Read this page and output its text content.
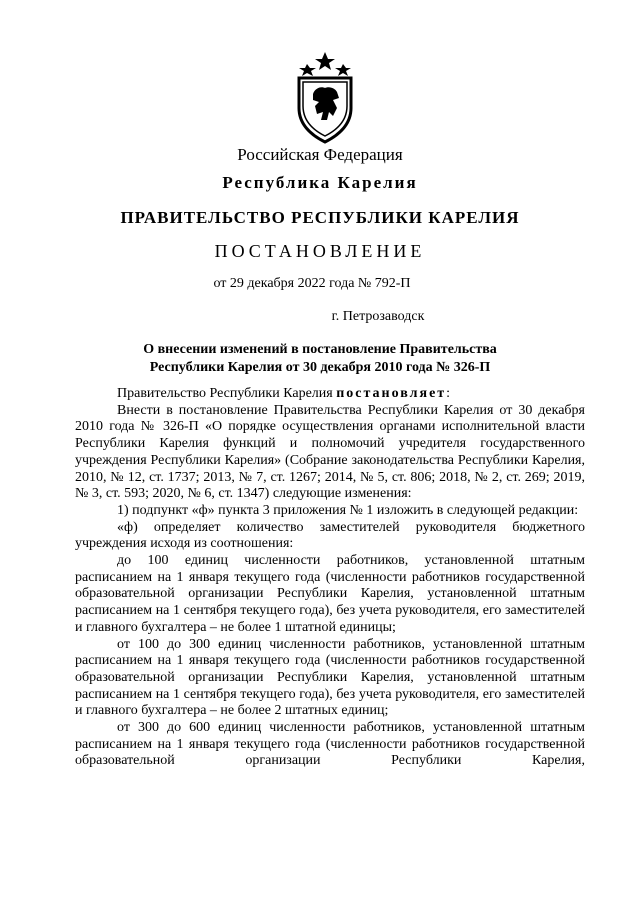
Российская Федерация
Республика Карелия
ПРАВИТЕЛЬСТВО РЕСПУБЛИКИ КАРЕЛИЯ
ПОСТАНОВЛЕНИЕ
от 29 декабря 2022 года № 792-П
г. Петрозаводск
О внесении изменений в постановление Правительства
Республики Карелия от 30 декабря 2010 года № 326-П

Правительство Республики Карелия постановляет:

Внести в постановление Правительства Республики Карелия от 30 декабря 2010 года № 326-П «О порядке осуществления органами исполнительной власти Республики Карелия функций и полномочий учредителя государственного учреждения Республики Карелия» (Собрание законодательства Республики Карелия, 2010, № 12, ст. 1737; 2013, № 7, ст. 1267; 2014, № 5, ст. 806; 2018, № 2, ст. 269; 2019, № 3, ст. 593; 2020, № 6, ст. 1347) следующие изменения:

1) подпункт «ф» пункта 3 приложения № 1 изложить в следующей редакции:

«ф) определяет количество заместителей руководителя бюджетного учреждения исходя из соотношения:

до 100 единиц численности работников, установленной штатным расписанием на 1 января текущего года (численности работников государственной образовательной организации Республики Карелия, установленной штатным расписанием на 1 сентября текущего года), без учета руководителя, его заместителей и главного бухгалтера – не более 1 штатной единицы;

от 100 до 300 единиц численности работников, установленной штатным расписанием на 1 января текущего года (численности работников государственной образовательной организации Республики Карелия, установленной штатным расписанием на 1 сентября текущего года), без учета руководителя, его заместителей и главного бухгалтера – не более 2 штатных единиц;

от 300 до 600 единиц численности работников, установленной штатным расписанием на 1 января текущего года (численности работников государственной образовательной организации Республики Карелия,
